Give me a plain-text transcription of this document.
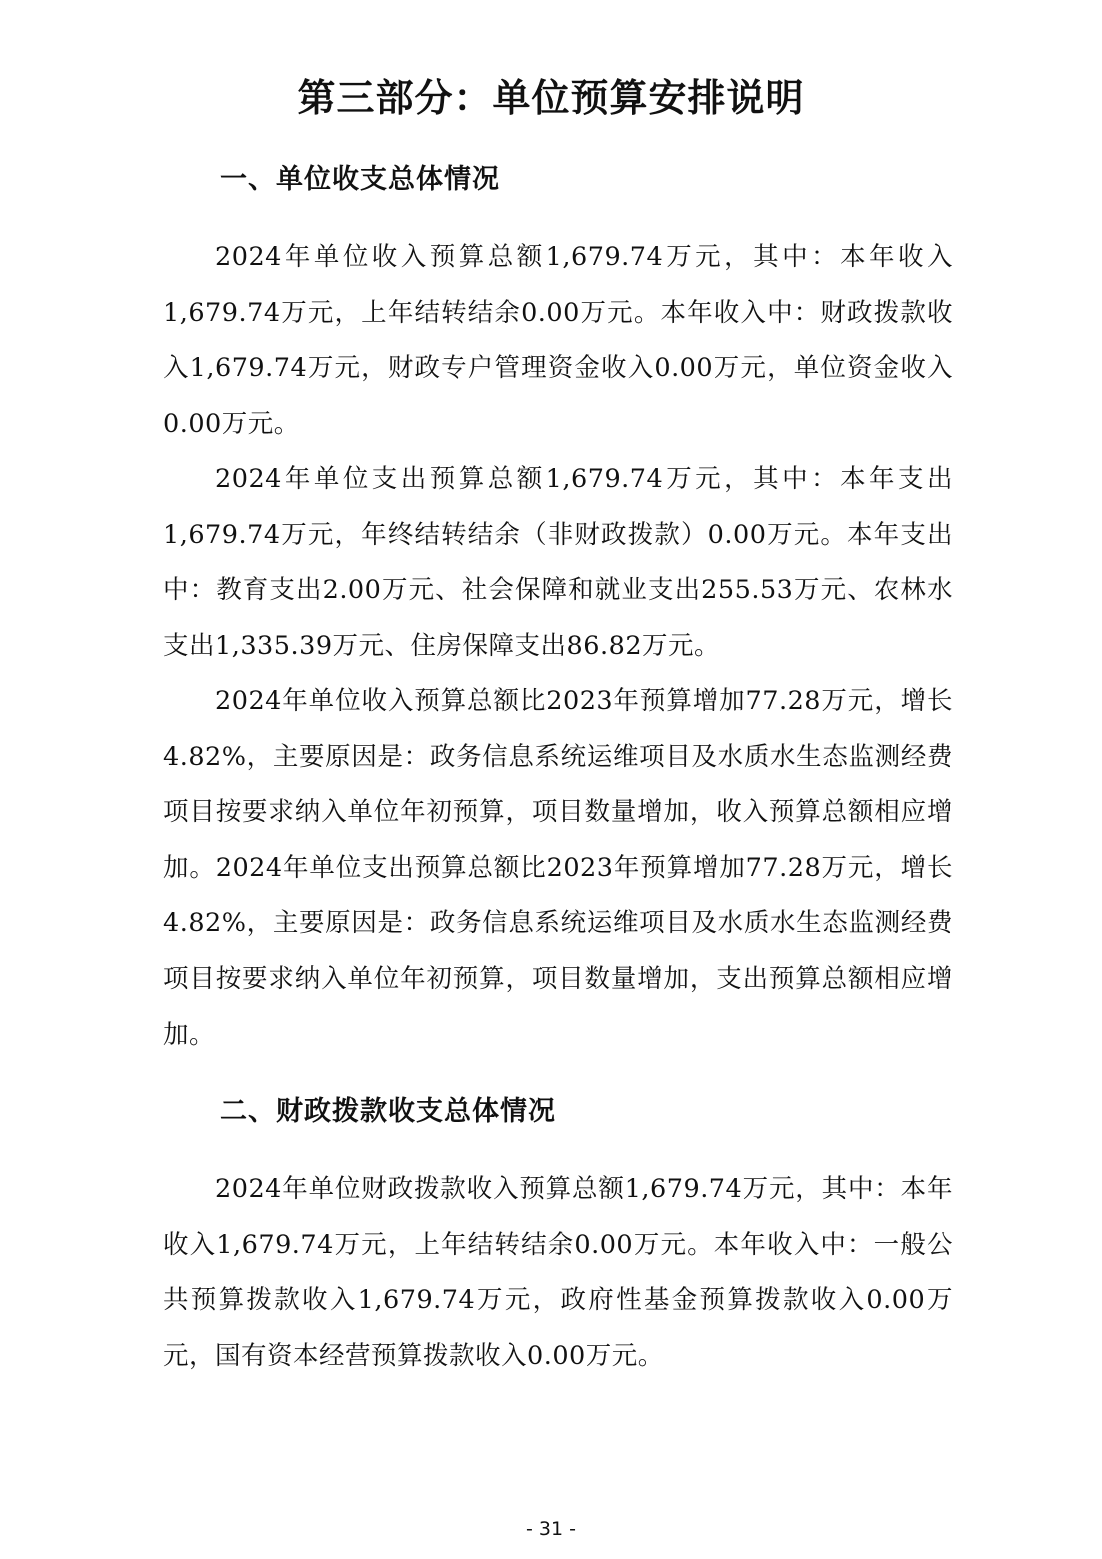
第三部分：单位预算安排说明
一、单位收支总体情况

2024年单位收入预算总额1,679.74万元，其中：本年收入1,679.74万元，上年结转结余0.00万元。本年收入中：财政拨款收入1,679.74万元，财政专户管理资金收入0.00万元，单位资金收入0.00万元。

2024年单位支出预算总额1,679.74万元，其中：本年支出1,679.74万元，年终结转结余（非财政拨款）0.00万元。本年支出中：教育支出2.00万元、社会保障和就业支出255.53万元、农林水支出1,335.39万元、住房保障支出86.82万元。

2024年单位收入预算总额比2023年预算增加77.28万元，增长4.82%，主要原因是：政务信息系统运维项目及水质水生态监测经费项目按要求纳入单位年初预算，项目数量增加，收入预算总额相应增加。2024年单位支出预算总额比2023年预算增加77.28万元，增长4.82%，主要原因是：政务信息系统运维项目及水质水生态监测经费项目按要求纳入单位年初预算，项目数量增加，支出预算总额相应增加。

二、财政拨款收支总体情况

2024年单位财政拨款收入预算总额1,679.74万元，其中：本年收入1,679.74万元，上年结转结余0.00万元。本年收入中：一般公共预算拨款收入1,679.74万元，政府性基金预算拨款收入0.00万元，国有资本经营预算拨款收入0.00万元。

- 31 -
